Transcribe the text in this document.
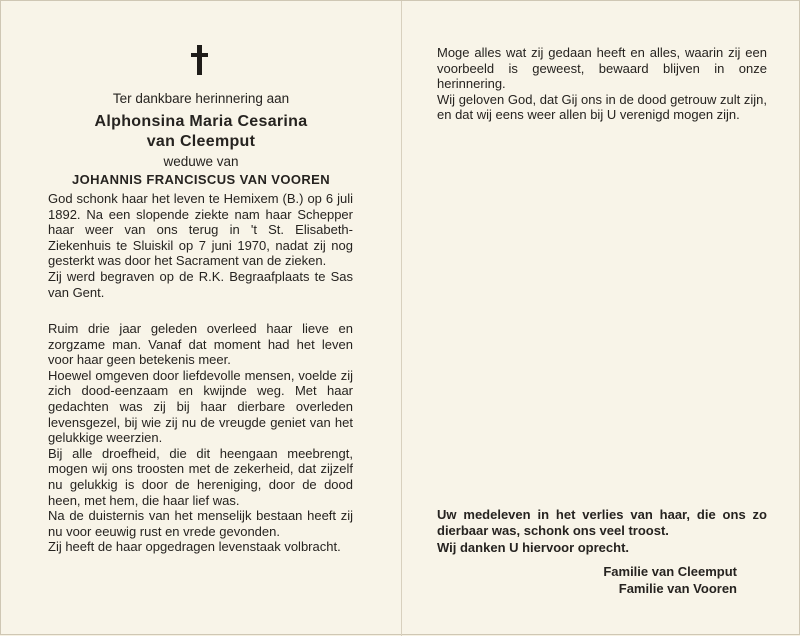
Ter dankbare herinnering aan
Alphonsina Maria Cesarina
van Cleemput
weduwe van
JOHANNIS FRANCISCUS VAN VOOREN

God schonk haar het leven te Hemixem (B.) op 6 juli 1892. Na een slopende ziekte nam haar Schepper haar weer van ons terug in 't St. Elisabeth-Ziekenhuis te Sluiskil op 7 juni 1970, nadat zij nog gesterkt was door het Sacrament van de zieken.

Zij werd begraven op de R.K. Begraafplaats te Sas van Gent.

Ruim drie jaar geleden overleed haar lieve en zorgzame man. Vanaf dat moment had het leven voor haar geen betekenis meer.

Hoewel omgeven door liefdevolle mensen, voelde zij zich dood-eenzaam en kwijnde weg. Met haar gedachten was zij bij haar dierbare overleden levensgezel, bij wie zij nu de vreugde geniet van het gelukkige weerzien.

Bij alle droefheid, die dit heengaan meebrengt, mogen wij ons troosten met de zekerheid, dat zijzelf nu gelukkig is door de hereniging, door de dood heen, met hem, die haar lief was.

Na de duisternis van het menselijk bestaan heeft zij nu voor eeuwig rust en vrede gevonden.

Zij heeft de haar opgedragen levenstaak volbracht.

Moge alles wat zij gedaan heeft en alles, waarin zij een voorbeeld is geweest, bewaard blijven in onze herinnering.

Wij geloven God, dat Gij ons in de dood getrouw zult zijn, en dat wij eens weer allen bij U verenigd mogen zijn.

Uw medeleven in het verlies van haar, die ons zo dierbaar was, schonk ons veel troost.

Wij danken U hiervoor oprecht.

Familie van Cleemput
Familie van Vooren
